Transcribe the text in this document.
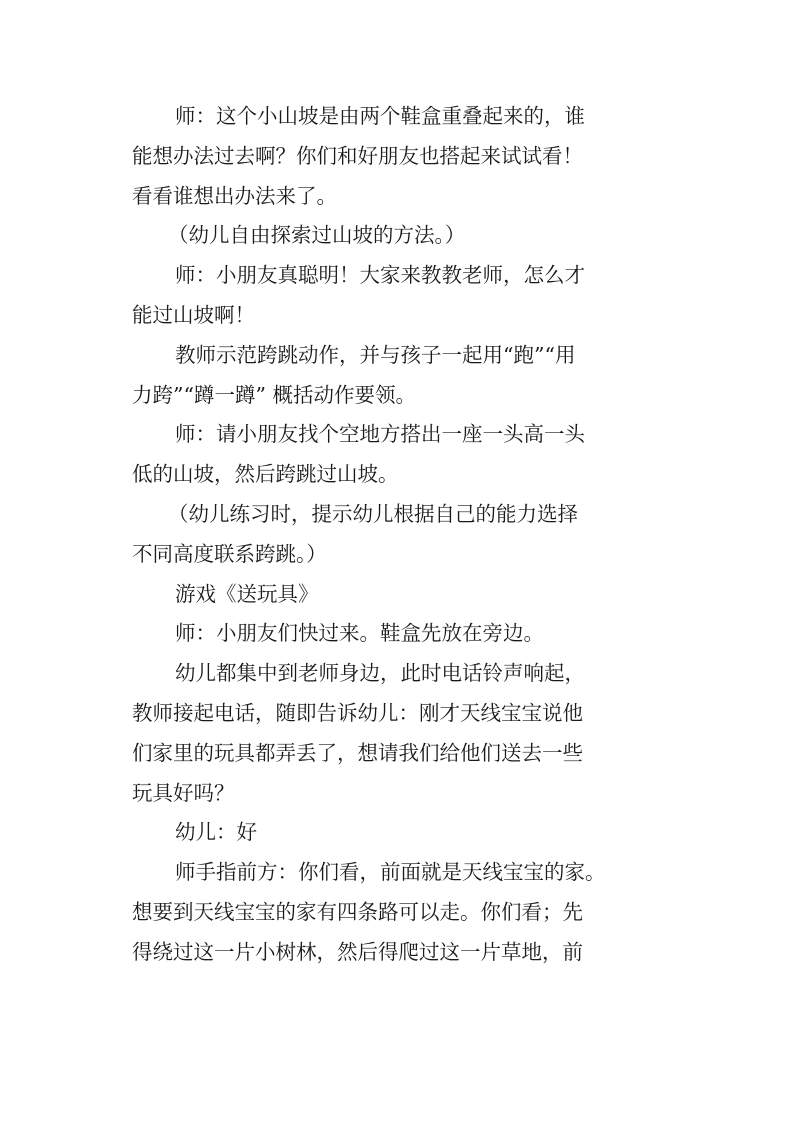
师：这个小山坡是由两个鞋盒重叠起来的，谁
能想办法过去啊？你们和好朋友也搭起来试试看！
看看谁想出办法来了。
（幼儿自由探索过山坡的方法。）
师：小朋友真聪明！大家来教教老师，怎么才
能过山坡啊！
教师示范跨跳动作，并与孩子一起用“跑”“用
力跨”“蹲一蹲” 概括动作要领。
师：请小朋友找个空地方搭出一座一头高一头
低的山坡，然后跨跳过山坡。
（幼儿练习时，提示幼儿根据自己的能力选择
不同高度联系跨跳。）
游戏《送玩具》
师：小朋友们快过来。鞋盒先放在旁边。
幼儿都集中到老师身边，此时电话铃声响起，
教师接起电话，随即告诉幼儿：刚才天线宝宝说他
们家里的玩具都弄丢了，想请我们给他们送去一些
玩具好吗？
幼儿：好
师手指前方：你们看，前面就是天线宝宝的家。
想要到天线宝宝的家有四条路可以走。你们看；先
得绕过这一片小树林，然后得爬过这一片草地，前
